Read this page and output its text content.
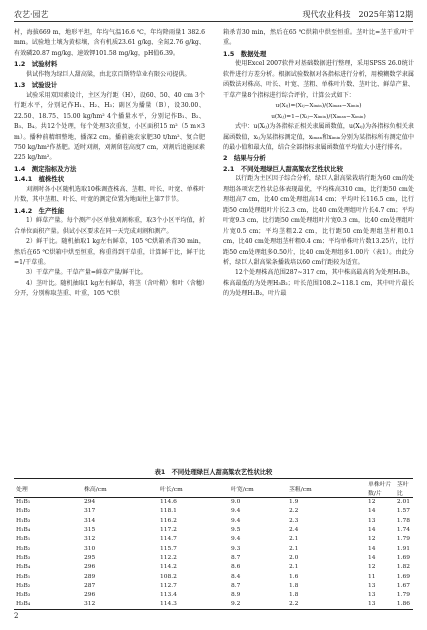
农艺·园艺	现代农业科技　2025年第12期

村，海拔669 m，地形平坦，年均气温16.6 ℃，年均降雨量1 382.6 mm。试验地土壤为黄棕壤，含有机质23.61 g/kg、全氮2.76 g/kg、有效磷20.87 mg/kg、速效钾101.58 mg/kg，pH值6.39。

1.2　试验材料

供试作物为绿巨人甜高粱，由北京百斯特草业有限公司提供。

1.3　试验设计

试验采用双因素设计，主区为行距（H），设60、50、40 cm 3个行距水平，分别记作H₁、H₂、H₃；副区为播量（B），设30.00、22.50、18.75、15.00 kg/hm² 4个播量水平，分别记作B₁、B₂、B₃、B₄。共12个处理，每个处理3次重复，小区面积15 m²（5 m×3 m）。播种前精细整地，播深2 cm。播前施农家肥30 t/hm²、复合肥750 kg/hm²作基肥。适时刈割，刈割留茬高度7 cm，刈割后追施尿素225 kg/hm²。

1.4　测定指标及方法

1.4.1　植株性状

刈割时各小区随机选取10株调查株高、茎粗、叶长、叶宽、单株叶片数，其中茎粗、叶长、叶宽的测定位置为地面往上第7节节。

1.4.2　生产性能

1）鲜草产量。每个测产小区单独刈割称重，取3个小区平均值，折合单位面积产量。供试小区要求在同一天完成刈割和测产。

2）鲜干比。随机抽取1 kg左右鲜草，105 ℃烘箱杀青30 min，然后在65 ℃烘箱中烘至恒重，称重得到干草重，计算鲜干比，鲜干比=1/干草重。

3）干草产量。干草产量=鲜草产量/鲜干比。

4）茎叶比。随机抽取1 kg左右鲜草，将茎（含叶鞘）和叶（含穗）分开，分别称取茎重、叶重，105 ℃烘

箱杀青30 min，然后在65 ℃烘箱中烘至恒重。茎叶比=茎干重/叶干重。

1.5　数据处理

使用Excel 2007软件对基础数据进行整理，采用SPSS 26.0统计软件进行方差分析。根据试验数据对各指标进行分析，用模糊数学隶属函数法对株高、叶长、叶宽、茎粗、单株叶片数、茎叶比、鲜草产量、干草产量8个指标进行综合评价，计算公式如下：

u(Xᵢⱼ)=(Xᵢⱼ−Xᵢₘᵢₙ)/(Xᵢₘₐₓ−Xᵢₘᵢₙ)

u(Xᵢⱼ)=1−(Xᵢⱼ−Xᵢₘᵢₙ)/(Xᵢₘₐₓ−Xᵢₘᵢₙ)

式中：u(Xᵢⱼ)为各指标正相关隶属函数值，u(Xᵢⱼ)为各指标负相关隶属函数值，xᵢⱼ为某指标测定值，xᵢₘₐₓ和xᵢₘᵢₙ分别为某指标所有测定值中的最小值和最大值，结合全部指标隶属函数值平均值大小进行排名。

2　结果与分析

2.1　不同处理绿巨人甜高粱农艺性状比较

以行距为主区因子综合分析，绿巨人甜高粱栽培行距为60 cm的处理组各项农艺性状总体表现最优，平均株高310 cm，比行距50 cm处理组高7 cm，比40 cm处理组高14 cm；平均叶长116.5 cm，比行距50 cm处理组叶片长2.3 cm，比40 cm处理组叶片长4.7 cm；平均叶宽9.3 cm，比行距50 cm处理组叶片宽0.3 cm，比40 cm处理组叶片宽0.5 cm；平均茎粗2.2 cm，比行距50 cm处理组茎杆粗0.1 cm，比40 cm处理组茎杆粗0.4 cm；平均单株叶片数13.25片，比行距50 cm处理组多0.50片，比40 cm处理组多1.00片（表1）。由此分析，绿巨人甜高粱条播栽培以60 cm行距较为适宜。

12个处理株高范围287~317 cm，其中株高最高的为处理H₁B₂，株高最低的为处理H₃B₂；叶长范围108.2~118.1 cm，其中叶片最长的为处理H₁B₂，叶片最

表1　不同处理绿巨人甜高粱农艺性状比较
处理	株高/cm	叶长/cm	叶宽/cm	茎粗/cm	单株叶片数/片	茎叶比
H₁B₁	294	114.6	9.0	1.9	12	2.01
H₁B₂	317	118.1	9.4	2.2	14	1.57
H₁B₃	314	116.2	9.4	2.3	13	1.78
H₁B₄	315	117.2	9.5	2.4	14	1.74
H₂B₁	312	114.7	9.4	2.1	12	1.79
H₂B₂	310	115.7	9.3	2.1	14	1.91
H₂B₃	295	112.2	8.7	2.0	14	1.69
H₂B₄	296	114.2	8.6	2.1	12	1.82
H₃B₁	289	108.2	8.4	1.6	11	1.69
H₃B₂	287	112.7	8.7	1.8	13	1.67
H₃B₃	296	113.4	8.9	1.8	13	1.79
H₃B₄	312	114.3	9.2	2.2	13	1.86
2
